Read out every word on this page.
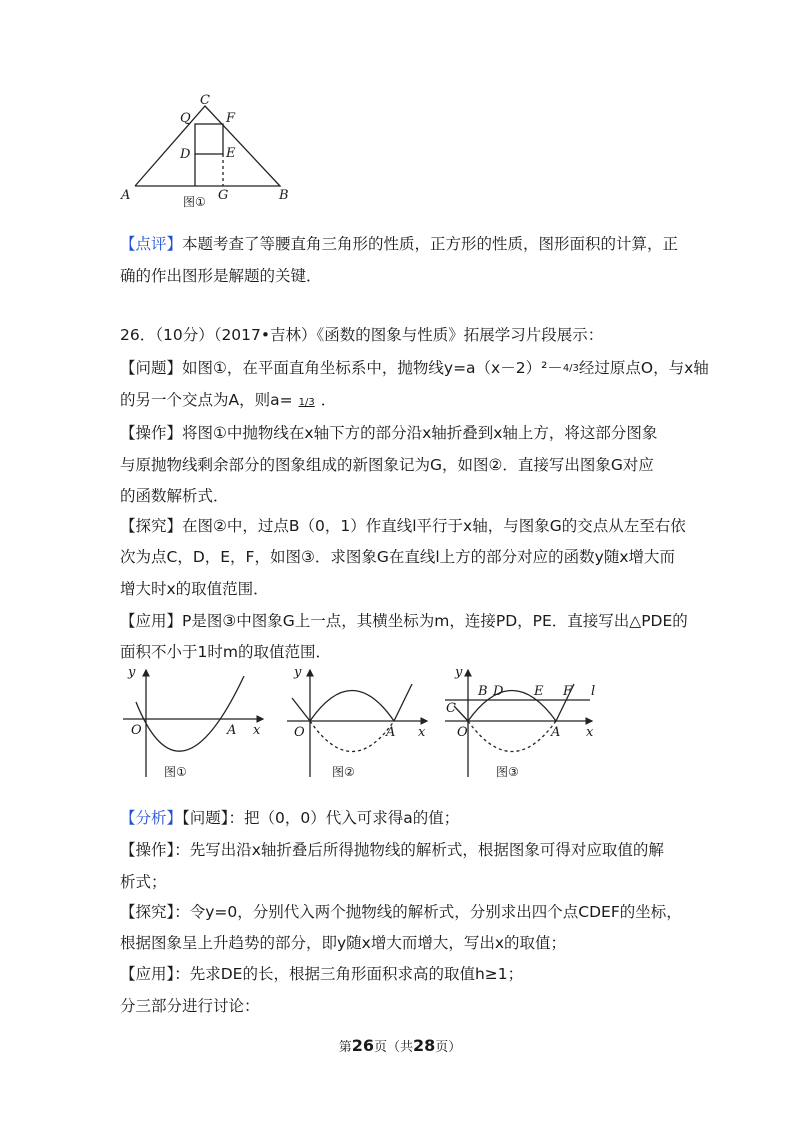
C
Q	F
D	E
A	G	B
图①
【点评】本题考查了等腰直角三角形的性质，正方形的性质，图形面积的计算，正
确的作出图形是解题的关键．
26．（10分）（2017•吉林）《函数的图象与性质》拓展学习片段展示：
【问题】如图①，在平面直角坐标系中，抛物线y=a（x－2）²－4/3经过原点O，与x轴
的另一个交点为A，则a= 1/3 ．
【操作】将图①中抛物线在x轴下方的部分沿x轴折叠到x轴上方，将这部分图象
与原抛物线剩余部分的图象组成的新图象记为G，如图②．直接写出图象G对应
的函数解析式．
【探究】在图②中，过点B（0，1）作直线l平行于x轴，与图象G的交点从左至右依
次为点C，D，E，F，如图③．求图象G在直线l上方的部分对应的函数y随x增大而
增大时x的取值范围．
【应用】P是图③中图象G上一点，其横坐标为m，连接PD，PE．直接写出△PDE的
面积不小于1时m的取值范围．
y
x
O	A
图①
y
x
O	A
图②
y
x
O	A
B
C
D E F l
图③
【分析】【问题】：把（0，0）代入可求得a的值；
【操作】：先写出沿x轴折叠后所得抛物线的解析式，根据图象可得对应取值的解
析式；
【探究】：令y=0，分别代入两个抛物线的解析式，分别求出四个点CDEF的坐标，
根据图象呈上升趋势的部分，即y随x增大而增大，写出x的取值；
【应用】：先求DE的长，根据三角形面积求高的取值h≥1；
分三部分进行讨论：
第26页（共28页）
